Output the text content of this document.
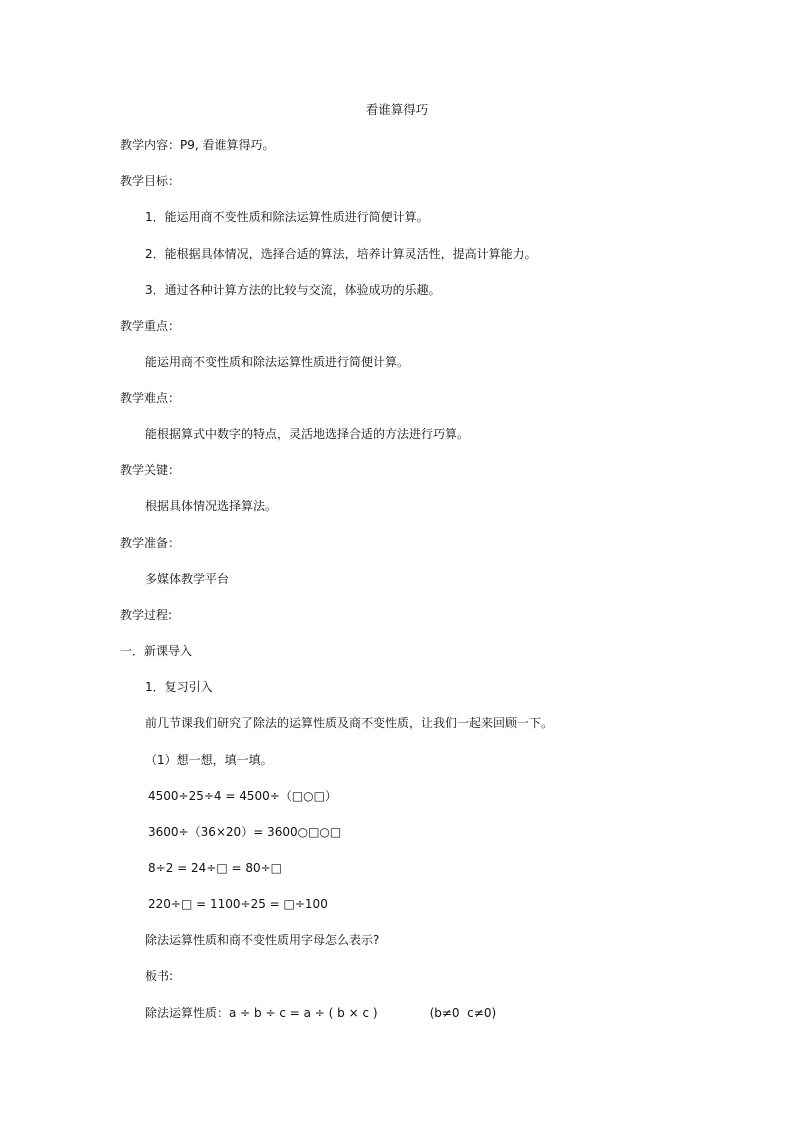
看谁算得巧
教学内容：P9, 看谁算得巧。
教学目标：
1．能运用商不变性质和除法运算性质进行简便计算。
2．能根据具体情况，选择合适的算法，培养计算灵活性，提高计算能力。
3．通过各种计算方法的比较与交流，体验成功的乐趣。
教学重点：
能运用商不变性质和除法运算性质进行简便计算。
教学难点：
能根据算式中数字的特点，灵活地选择合适的方法进行巧算。
教学关键：
根据具体情况选择算法。
教学准备：
多媒体教学平台
教学过程:
一．新课导入
1．复习引入
前几节课我们研究了除法的运算性质及商不变性质，让我们一起来回顾一下。
（1）想一想，填一填。
4500÷25÷4 = 4500÷（□○□）
3600÷（36×20）= 3600○□○□
8÷2 = 24÷□ = 80÷□
220÷□ = 1100÷25 = □÷100
除法运算性质和商不变性质用字母怎么表示?
板书:
除法运算性质：a ÷ b ÷ c = a ÷ ( b × c )	(b≠0  c≠0)
